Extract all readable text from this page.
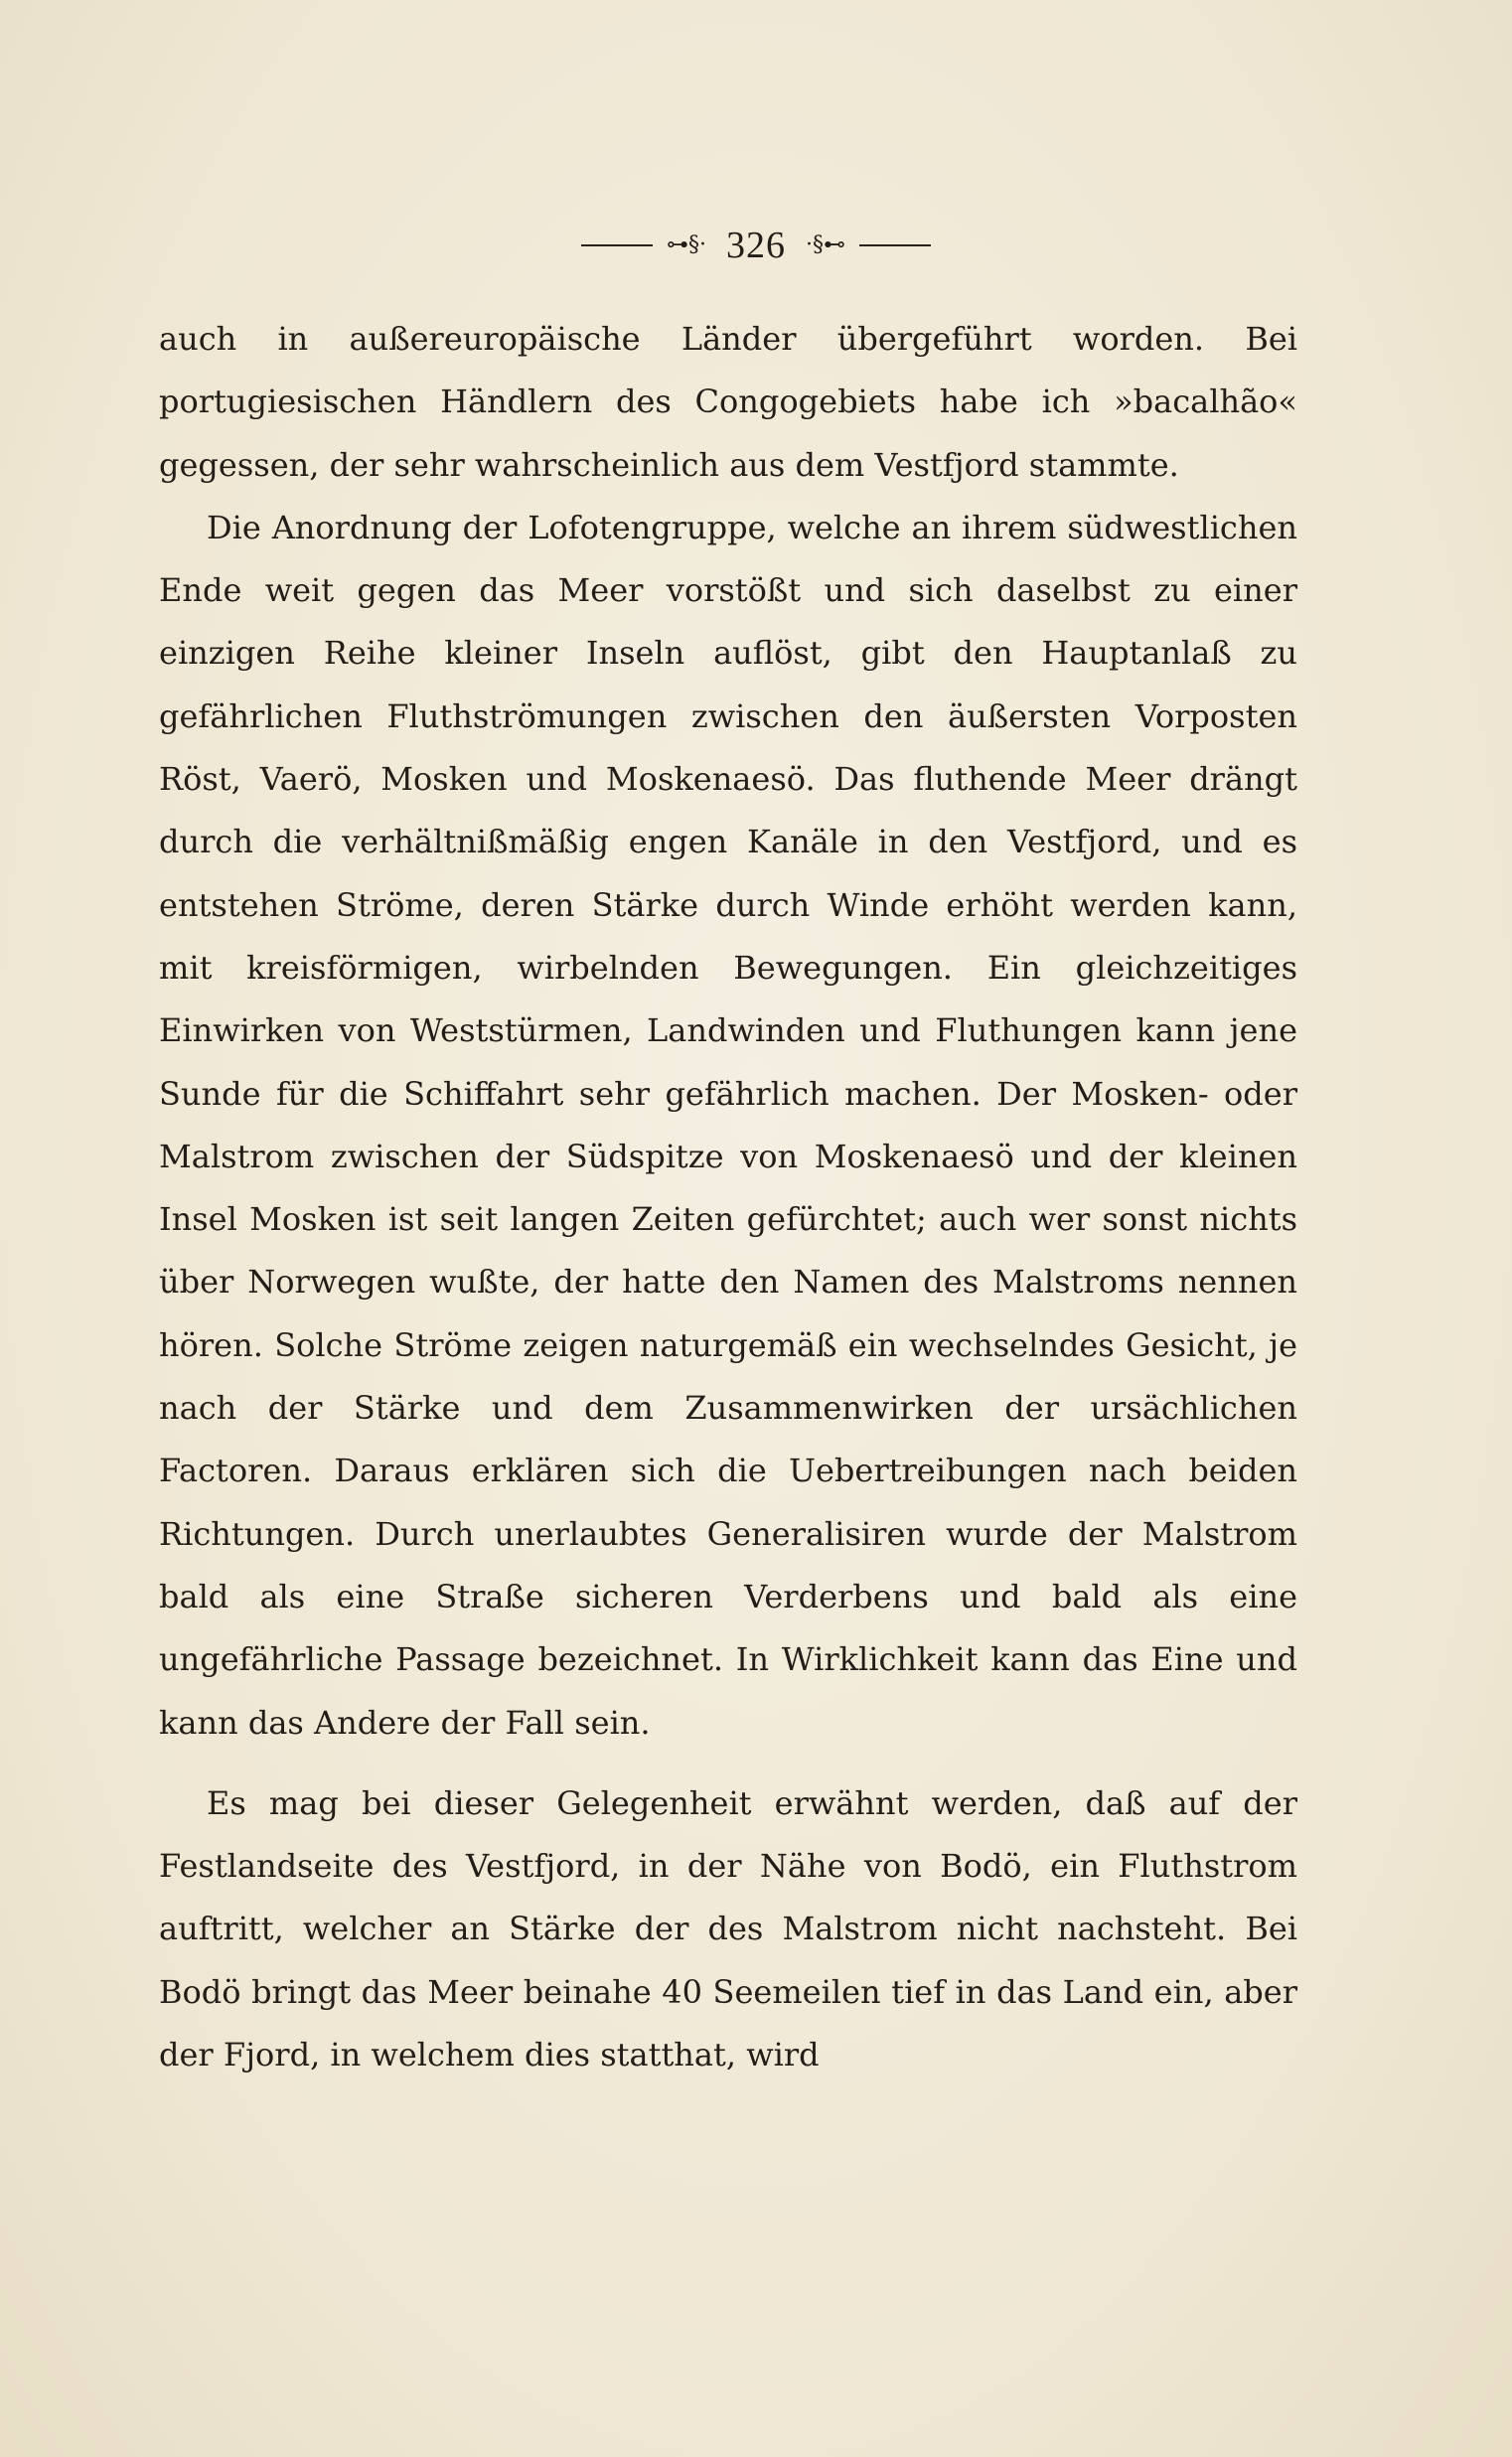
⊶§· 326 ·§⊷

auch in außereuropäische Länder übergeführt worden. Bei portugiesischen Händlern des Congogebiets habe ich »bacalhão« gegessen, der sehr wahrscheinlich aus dem Vestfjord stammte.

Die Anordnung der Lofotengruppe, welche an ihrem südwestlichen Ende weit gegen das Meer vorstößt und sich daselbst zu einer einzigen Reihe kleiner Inseln auflöst, gibt den Hauptanlaß zu gefährlichen Fluthströmungen zwischen den äußersten Vorposten Röst, Vaerö, Mosken und Moskenaesö. Das fluthende Meer drängt durch die verhältnißmäßig engen Kanäle in den Vestfjord, und es entstehen Ströme, deren Stärke durch Winde erhöht werden kann, mit kreisförmigen, wirbelnden Bewegungen. Ein gleichzeitiges Einwirken von Weststürmen, Landwinden und Fluthungen kann jene Sunde für die Schiffahrt sehr gefährlich machen. Der Mosken- oder Malstrom zwischen der Südspitze von Moskenaesö und der kleinen Insel Mosken ist seit langen Zeiten gefürchtet; auch wer sonst nichts über Norwegen wußte, der hatte den Namen des Malstroms nennen hören. Solche Ströme zeigen naturgemäß ein wechselndes Gesicht, je nach der Stärke und dem Zusammenwirken der ursächlichen Factoren. Daraus erklären sich die Uebertreibungen nach beiden Richtungen. Durch unerlaubtes Generalisiren wurde der Malstrom bald als eine Straße sicheren Verderbens und bald als eine ungefährliche Passage bezeichnet. In Wirklichkeit kann das Eine und kann das Andere der Fall sein.

Es mag bei dieser Gelegenheit erwähnt werden, daß auf der Festlandseite des Vestfjord, in der Nähe von Bodö, ein Fluthstrom auftritt, welcher an Stärke der des Malstrom nicht nachsteht. Bei Bodö bringt das Meer beinahe 40 Seemeilen tief in das Land ein, aber der Fjord, in welchem dies statthat, wird
